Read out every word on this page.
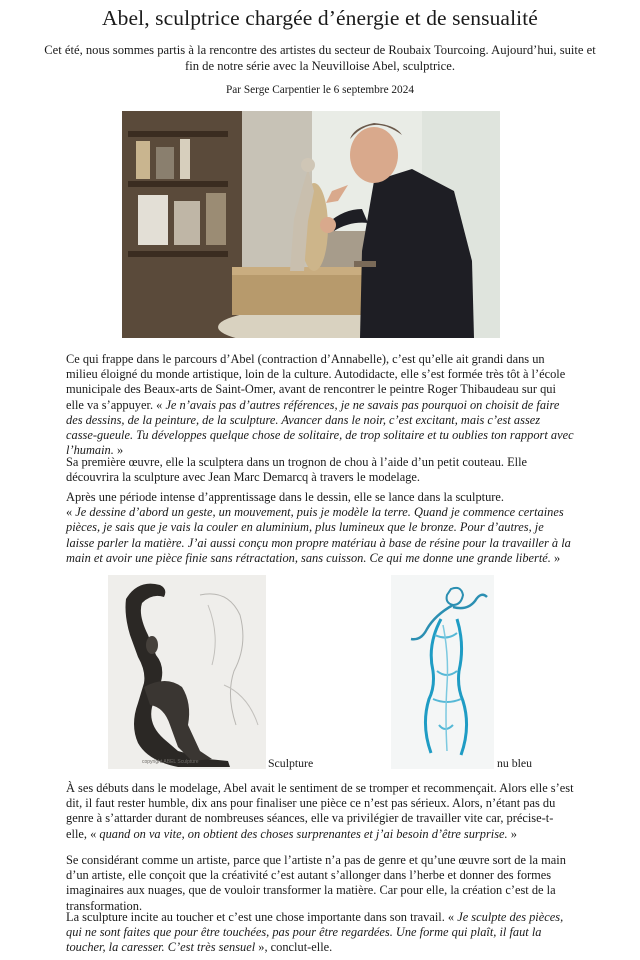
Abel, sculptrice chargée d’énergie et de sensualité

Cet été, nous sommes partis à la rencontre des artistes du secteur de Roubaix Tourcoing. Aujourd’hui, suite et fin de notre série avec la Neuvilloise Abel, sculptrice.

Par Serge Carpentier le 6 septembre 2024

Ce qui frappe dans le parcours d’Abel (contraction d’Annabelle), c’est qu’elle ait grandi dans un milieu éloigné du monde artistique, loin de la culture. Autodidacte, elle s’est formée très tôt à l’école municipale des Beaux-arts de Saint-Omer, avant de rencontrer le peintre Roger Thibaudeau sur qui elle va s’appuyer. « Je n’avais pas d’autres références, je ne savais pas pourquoi on choisit de faire des dessins, de la peinture, de la sculpture. Avancer dans le noir, c’est excitant, mais c’est assez casse-gueule. Tu développes quelque chose de solitaire, de trop solitaire et tu oublies ton rapport avec l’humain. »

Sa première œuvre, elle la sculptera dans un trognon de chou à l’aide d’un petit couteau. Elle découvrira la sculpture avec Jean Marc Demarcq à travers le modelage.

Après une période intense d’apprentissage dans le dessin, elle se lance dans la sculpture.
« Je dessine d’abord un geste, un mouvement, puis je modèle la terre. Quand je commence certaines pièces, je sais que je vais la couler en aluminium, plus lumineux que le bronze. Pour d’autres, je laisse parler la matière. J’ai aussi conçu mon propre matériau à base de résine pour la travailler à la main et avoir une pièce finie sans rétractation, sans cuisson. Ce qui me donne une grande liberté. »

copyright ABEL Sculpture	Sculpture	nu bleu

À ses débuts dans le modelage, Abel avait le sentiment de se tromper et recommençait. Alors elle s’est dit, il faut rester humble, dix ans pour finaliser une pièce ce n’est pas sérieux. Alors, n’étant pas du genre à s’attarder durant de nombreuses séances, elle va privilégier de travailler vite car, précise-t-elle, « quand on va vite, on obtient des choses surprenantes et j’ai besoin d’être surprise. »

Se considérant comme un artiste, parce que l’artiste n’a pas de genre et qu’une œuvre sort de la main d’un artiste, elle conçoit que la créativité c’est autant s’allonger dans l’herbe et donner des formes imaginaires aux nuages, que de vouloir transformer la matière. Car pour elle, la création c’est de la transformation.

La sculpture incite au toucher et c’est une chose importante dans son travail. « Je sculpte des pièces, qui ne sont faites que pour être touchées, pas pour être regardées. Une forme qui plaît, il faut la toucher, la caresser. C’est très sensuel », conclut-elle.
